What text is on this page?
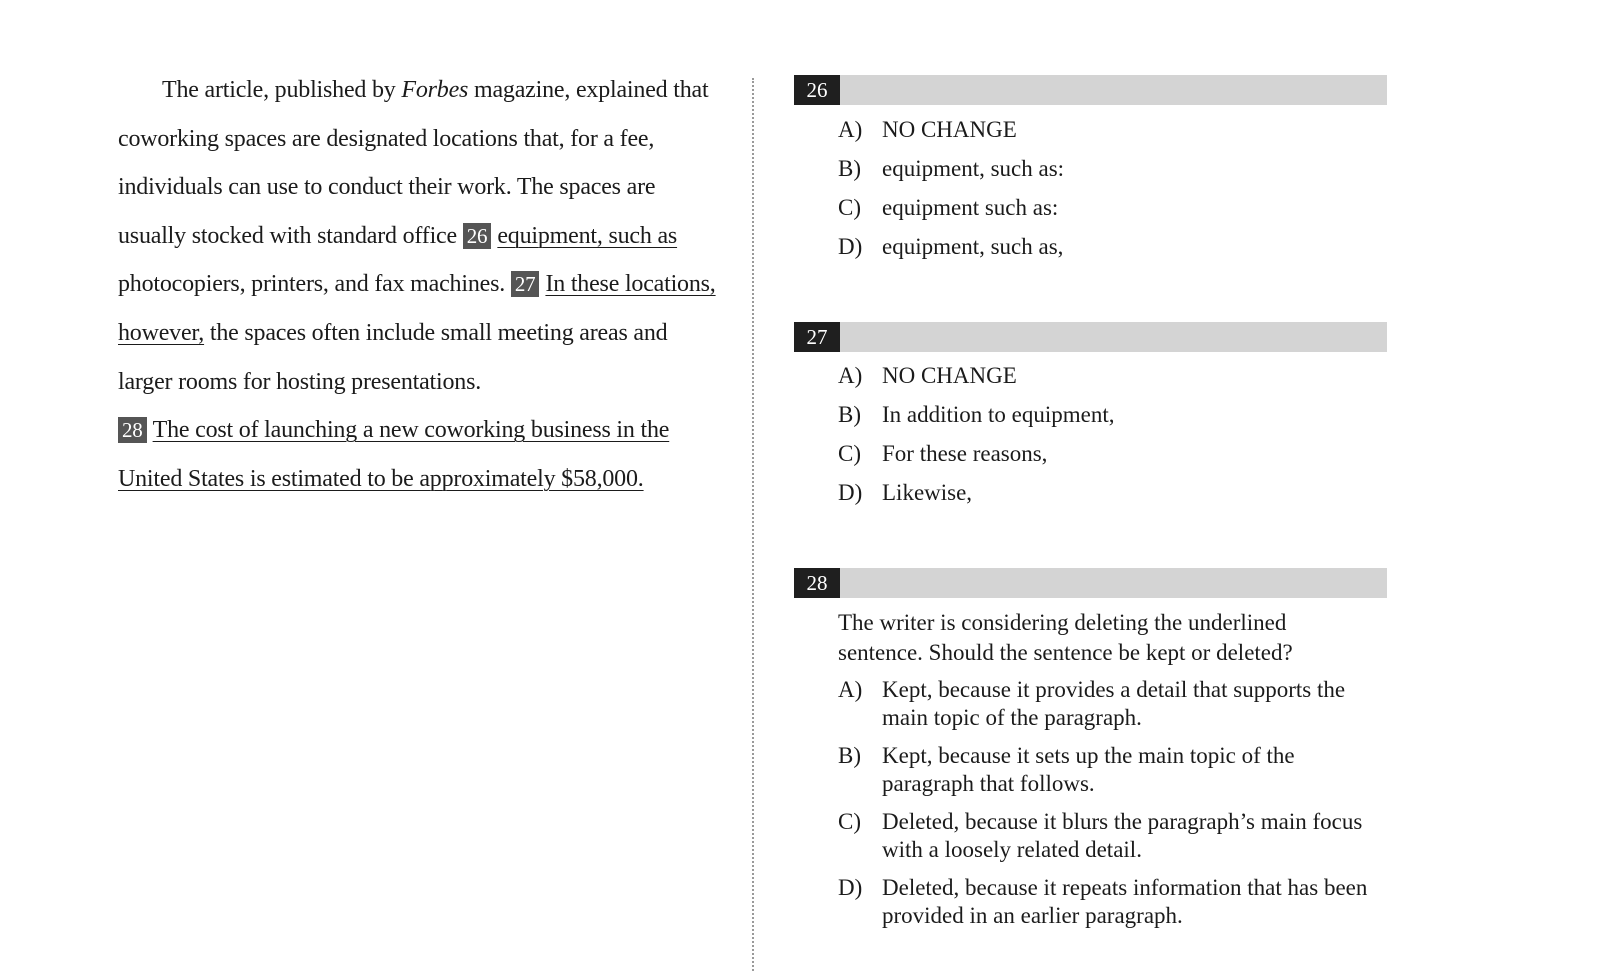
The article, published by Forbes magazine, explained that coworking spaces are designated locations that, for a fee, individuals can use to conduct their work. The spaces are usually stocked with standard office 26 equipment, such as photocopiers, printers, and fax machines. 27 In these locations, however, the spaces often include small meeting areas and larger rooms for hosting presentations.
28 The cost of launching a new coworking business in the United States is estimated to be approximately $58,000.

26
A) NO CHANGE
B) equipment, such as:
C) equipment such as:
D) equipment, such as,
27
A) NO CHANGE
B) In addition to equipment,
C) For these reasons,
D) Likewise,
28
The writer is considering deleting the underlined sentence. Should the sentence be kept or deleted?
A) Kept, because it provides a detail that supports the main topic of the paragraph.
B) Kept, because it sets up the main topic of the paragraph that follows.
C) Deleted, because it blurs the paragraph’s main focus with a loosely related detail.
D) Deleted, because it repeats information that has been provided in an earlier paragraph.
